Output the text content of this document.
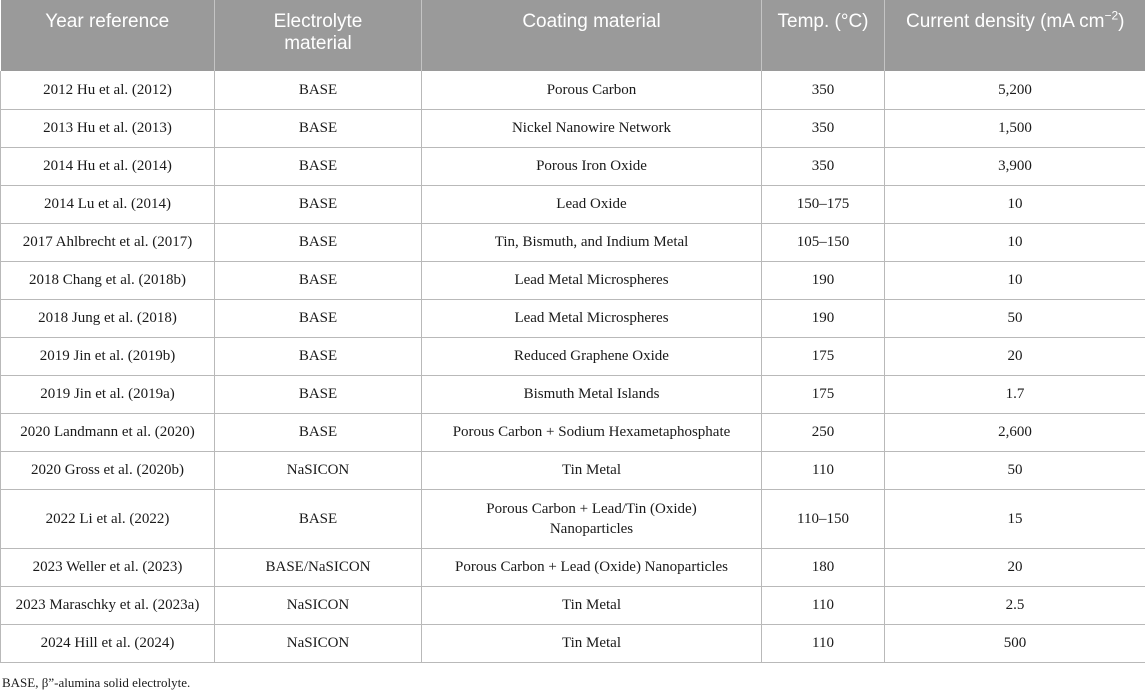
Year reference	Electrolyte material	Coating material	Temp. (°C)	Current density (mA $cm^{-2}$)
2012 Hu et al. (2012)	BASE	Porous Carbon	350	5,200
2013 Hu et al. (2013)	BASE	Nickel Nanowire Network	350	1,500
2014 Hu et al. (2014)	BASE	Porous Iron Oxide	350	3,900
2014 Lu et al. (2014)	BASE	Lead Oxide	150–175	10
2017 Ahlbrecht et al. (2017)	BASE	Tin, Bismuth, and Indium Metal	105–150	10
2018 Chang et al. (2018b)	BASE	Lead Metal Microspheres	190	10
2018 Jung et al. (2018)	BASE	Lead Metal Microspheres	190	50
2019 Jin et al. (2019b)	BASE	Reduced Graphene Oxide	175	20
2019 Jin et al. (2019a)	BASE	Bismuth Metal Islands	175	1.7
2020 Landmann et al. (2020)	BASE	Porous Carbon + Sodium Hexametaphosphate	250	2,600
2020 Gross et al. (2020b)	NaSICON	Tin Metal	110	50
2022 Li et al. (2022)	BASE	Porous Carbon + Lead/Tin (Oxide) Nanoparticles	110–150	15
2023 Weller et al. (2023)	BASE/NaSICON	Porous Carbon + Lead (Oxide) Nanoparticles	180	20
2023 Maraschky et al. (2023a)	NaSICON	Tin Metal	110	2.5
2024 Hill et al. (2024)	NaSICON	Tin Metal	110	500
BASE, β”-alumina solid electrolyte.
